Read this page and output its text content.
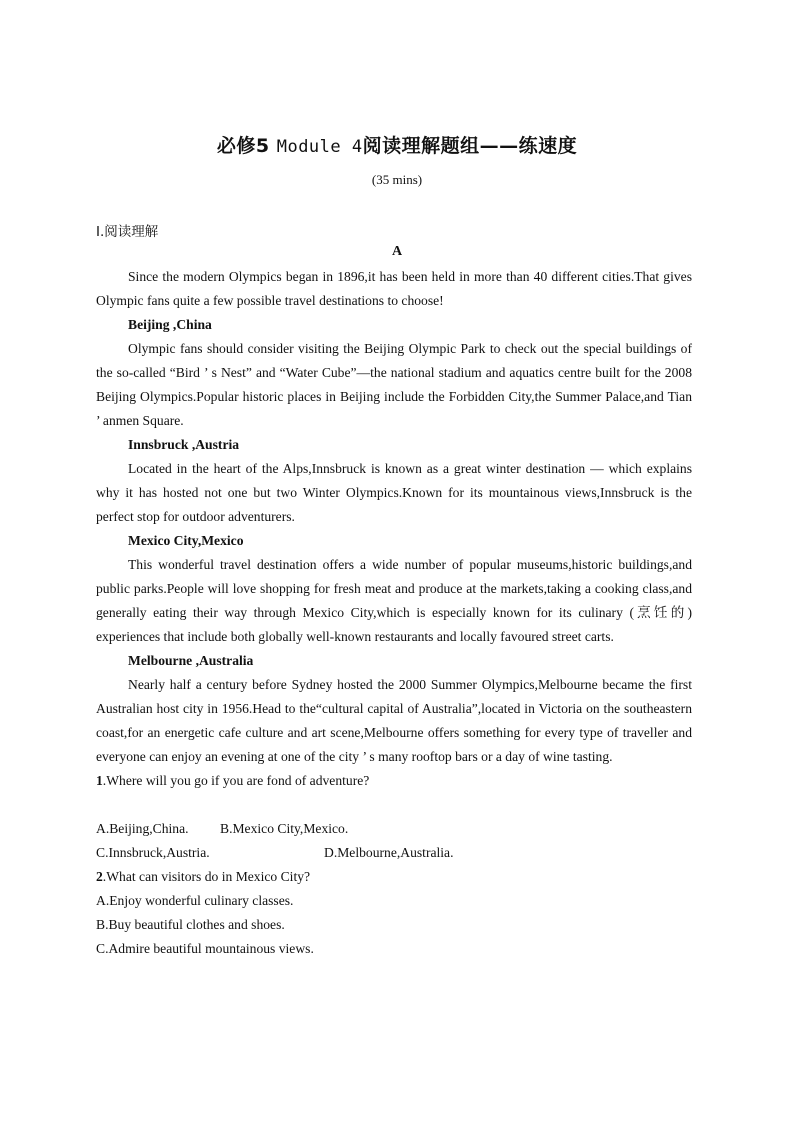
必修5 Module 4阅读理解题组——练速度
(35 mins)
Ⅰ.阅读理解
A

Since the modern Olympics began in 1896,it has been held in more than 40 different cities.That gives Olympic fans quite a few possible travel destinations to choose!

Beijing ,China

Olympic fans should consider visiting the Beijing Olympic Park to check out the special buildings of the so-called “Bird ’ s Nest” and “Water Cube”—the national stadium and aquatics centre built for the 2008 Beijing Olympics.Popular historic places in Beijing include the Forbidden City,the Summer Palace,and Tian ’ anmen Square.

Innsbruck ,Austria

Located in the heart of the Alps,Innsbruck is known as a great winter destination — which explains why it has hosted not one but two Winter Olympics.Known for its mountainous views,Innsbruck is the perfect stop for outdoor adventurers.

Mexico City,Mexico

This wonderful travel destination offers a wide number of popular museums,historic buildings,and public parks.People will love shopping for fresh meat and produce at the markets,taking a cooking class,and generally eating their way through Mexico City,which is especially known for its culinary (烹饪的) experiences that include both globally well-known restaurants and locally favoured street carts.

Melbourne ,Australia

Nearly half a century before Sydney hosted the 2000 Summer Olympics,Melbourne became the first Australian host city in 1956.Head to the“cultural capital of Australia”,located in Victoria on the southeastern coast,for an energetic cafe culture and art scene,Melbourne offers something for every type of traveller and everyone can enjoy an evening at one of the city ’ s many rooftop bars or a day of wine tasting.

1.Where will you go if you are fond of adventure?

A.Beijing,China.	B.Mexico City,Mexico.
C.Innsbruck,Austria.	D.Melbourne,Australia.

2.What can visitors do in Mexico City?

A.Enjoy wonderful culinary classes.

B.Buy beautiful clothes and shoes.

C.Admire beautiful mountainous views.
